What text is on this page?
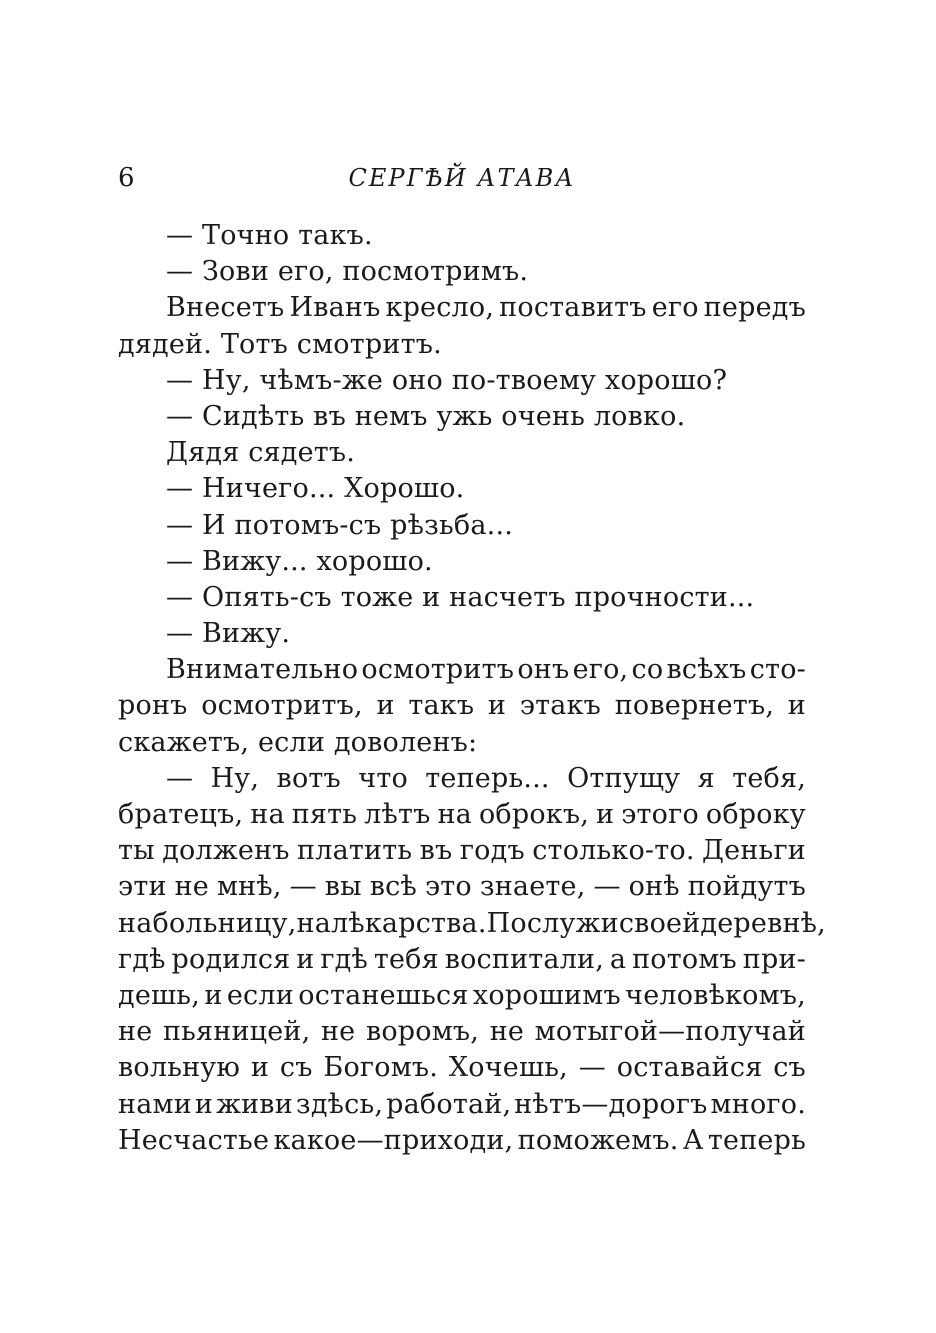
6	СЕРГѢЙ АТАВА
— Точно такъ.
— Зови его, посмотримъ.
Внесетъ Иванъ кресло, поставитъ его передъ
дядей. Тотъ смотритъ.
— Ну, чѣмъ-же оно по-твоему хорошо?
— Сидѣть въ немъ ужь очень ловко.
Дядя сядетъ.
— Ничего... Хорошо.
— И потомъ-съ рѣзьба...
— Вижу... хорошо.
— Опять-съ тоже и насчетъ прочности...
— Вижу.
Внимательно осмотритъ онъ его, со всѣхъ сто-
ронъ осмотритъ, и такъ и этакъ повернетъ, и
скажетъ, если доволенъ:
— Ну, вотъ что теперь... Отпущу я тебя,
братецъ, на пять лѣтъ на оброкъ, и этого оброку
ты долженъ платить въ годъ столько-то. Деньги
эти не мнѣ, — вы всѣ это знаете, — онѣ пойдутъ
на больницу, на лѣкарства. Послужи своей деревнѣ,
гдѣ родился и гдѣ тебя воспитали, а потомъ при-
дешь, и если останешься хорошимъ человѣкомъ,
не пьяницей, не воромъ, не мотыгой—получай
вольную и съ Богомъ. Хочешь, — оставайся съ
нами и живи здѣсь, работай, нѣтъ—дорогъ много.
Несчастье какое—приходи, поможемъ. А теперь
